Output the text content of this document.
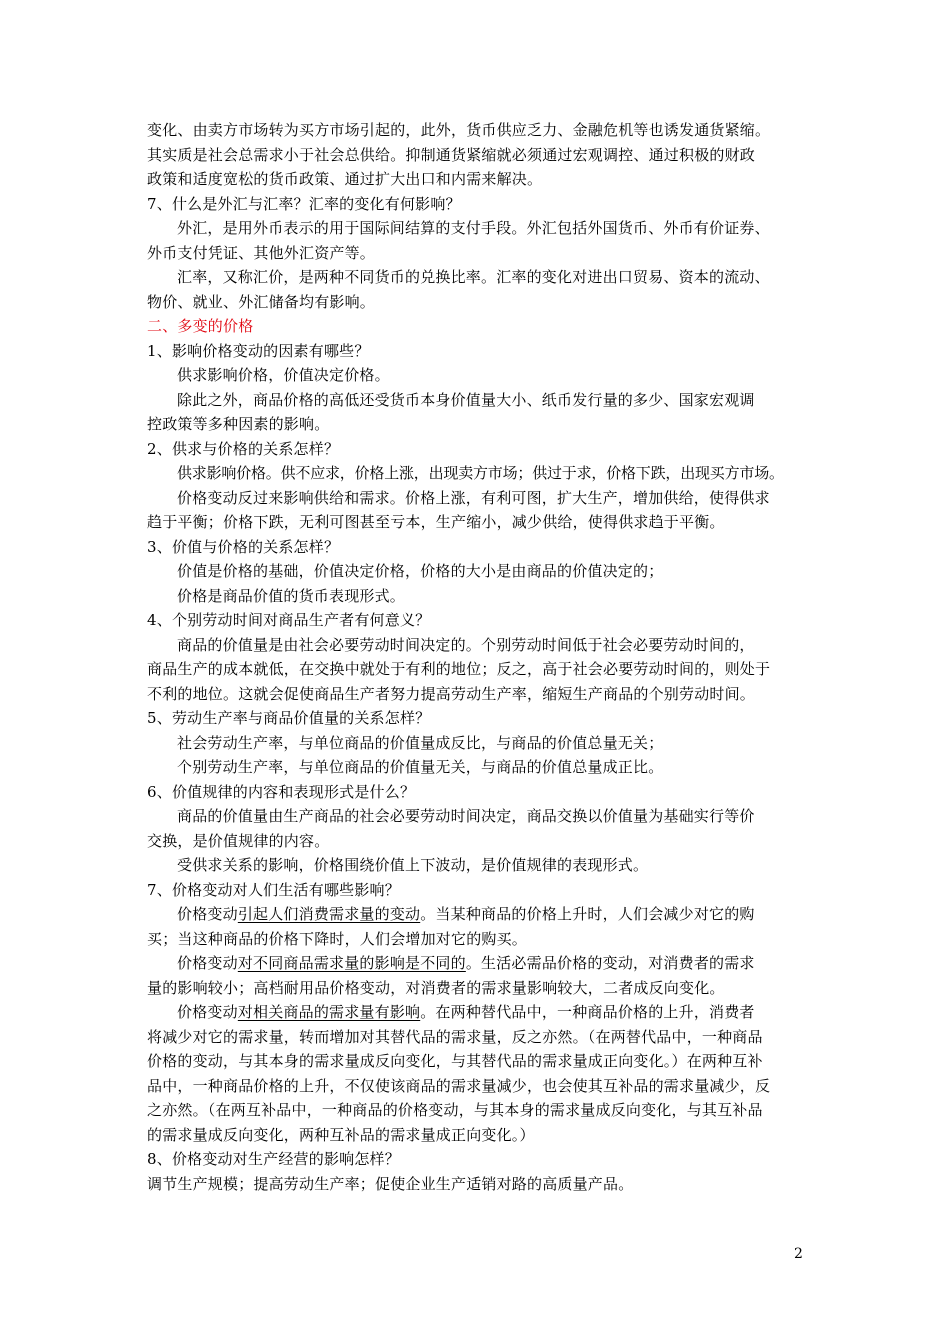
变化、由卖方市场转为买方市场引起的，此外，货币供应乏力、金融危机等也诱发通货紧缩。
其实质是社会总需求小于社会总供给。抑制通货紧缩就必须通过宏观调控、通过积极的财政
政策和适度宽松的货币政策、通过扩大出口和内需来解决。
7、什么是外汇与汇率？汇率的变化有何影响？
外汇，是用外币表示的用于国际间结算的支付手段。外汇包括外国货币、外币有价证券、
外币支付凭证、其他外汇资产等。
汇率，又称汇价，是两种不同货币的兑换比率。汇率的变化对进出口贸易、资本的流动、
物价、就业、外汇储备均有影响。
二、多变的价格
1、影响价格变动的因素有哪些？
供求影响价格，价值决定价格。
除此之外，商品价格的高低还受货币本身价值量大小、纸币发行量的多少、国家宏观调
控政策等多种因素的影响。
2、供求与价格的关系怎样？
供求影响价格。供不应求，价格上涨，出现卖方市场；供过于求，价格下跌，出现买方市场。
价格变动反过来影响供给和需求。价格上涨，有利可图，扩大生产，增加供给，使得供求
趋于平衡；价格下跌，无利可图甚至亏本，生产缩小，减少供给，使得供求趋于平衡。
3、价值与价格的关系怎样？
价值是价格的基础，价值决定价格，价格的大小是由商品的价值决定的；
价格是商品价值的货币表现形式。
4、个别劳动时间对商品生产者有何意义？
商品的价值量是由社会必要劳动时间决定的。个别劳动时间低于社会必要劳动时间的，
商品生产的成本就低，在交换中就处于有利的地位；反之，高于社会必要劳动时间的，则处于
不利的地位。这就会促使商品生产者努力提高劳动生产率，缩短生产商品的个别劳动时间。
5、劳动生产率与商品价值量的关系怎样？
社会劳动生产率，与单位商品的价值量成反比，与商品的价值总量无关；
个别劳动生产率，与单位商品的价值量无关，与商品的价值总量成正比。
6、价值规律的内容和表现形式是什么？
商品的价值量由生产商品的社会必要劳动时间决定，商品交换以价值量为基础实行等价
交换，是价值规律的内容。
受供求关系的影响，价格围绕价值上下波动，是价值规律的表现形式。
7、价格变动对人们生活有哪些影响？
价格变动引起人们消费需求量的变动。当某种商品的价格上升时，人们会减少对它的购
买；当这种商品的价格下降时，人们会增加对它的购买。
价格变动对不同商品需求量的影响是不同的。生活必需品价格的变动，对消费者的需求
量的影响较小；高档耐用品价格变动，对消费者的需求量影响较大，二者成反向变化。
价格变动对相关商品的需求量有影响。在两种替代品中，一种商品价格的上升，消费者
将减少对它的需求量，转而增加对其替代品的需求量，反之亦然。（在两替代品中，一种商品
价格的变动，与其本身的需求量成反向变化，与其替代品的需求量成正向变化。）在两种互补
品中，一种商品价格的上升，不仅使该商品的需求量减少，也会使其互补品的需求量减少，反
之亦然。（在两互补品中，一种商品的价格变动，与其本身的需求量成反向变化，与其互补品
的需求量成反向变化，两种互补品的需求量成正向变化。）
8、价格变动对生产经营的影响怎样？
调节生产规模；提高劳动生产率；促使企业生产适销对路的高质量产品。
2
